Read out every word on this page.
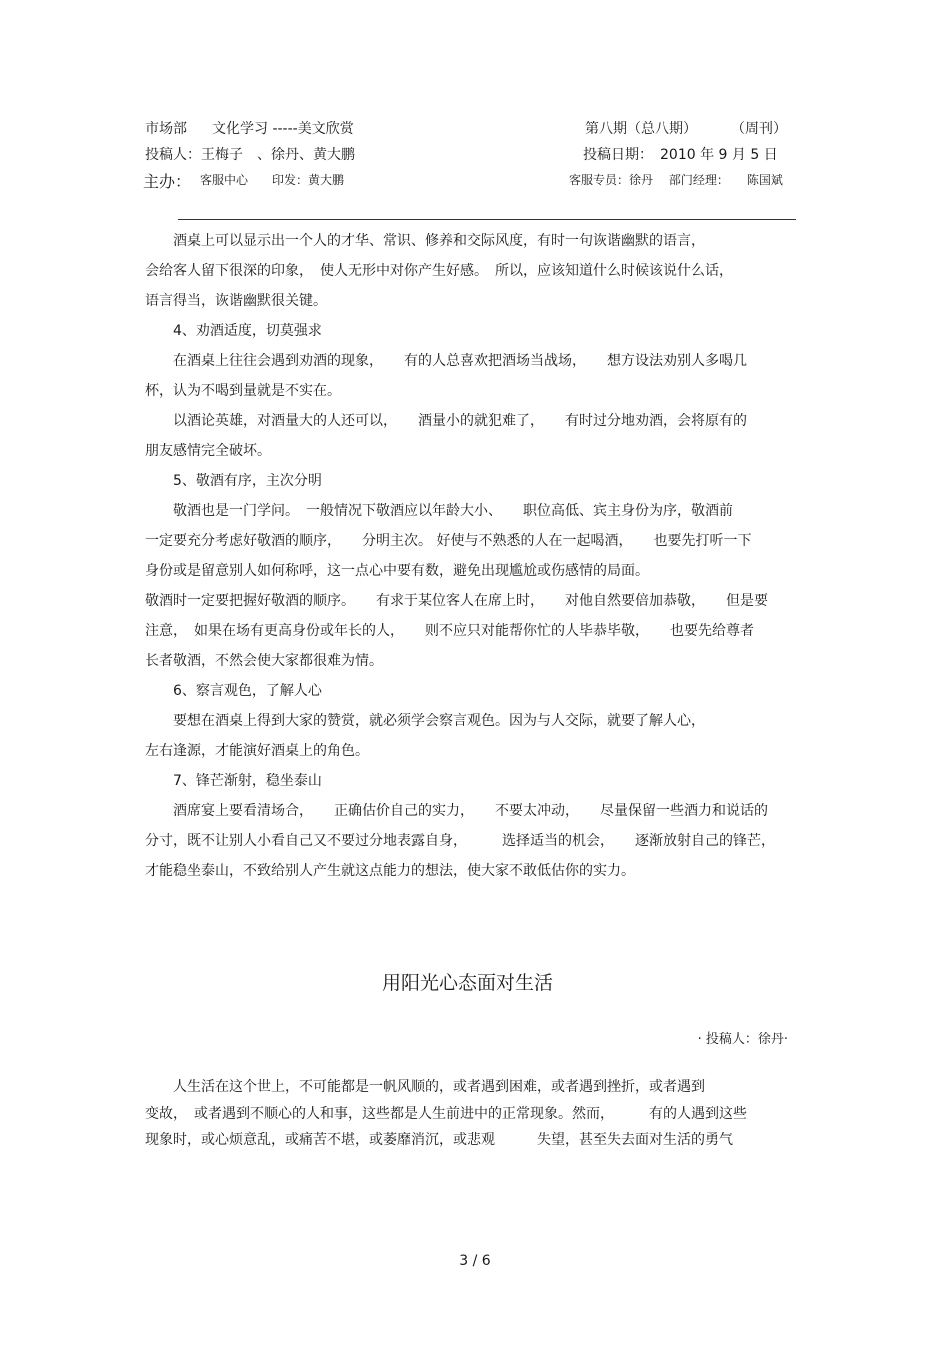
市场部 文化学习 -----美文欣赏	第八期（总八期） （周刊）
投稿人：王梅子　、徐丹、黄大鹏	投稿日期：　2010 年 9 月 5 日
主办： 客服中心　　印发：黄大鹏	客服专员：徐丹　 部门经理：　　陈国斌
　　酒桌上可以显示出一个人的才华、常识、修养和交际风度，有时一句诙谐幽默的语言，
会给客人留下很深的印象，　使人无形中对你产生好感。　所以，应该知道什么时候该说什么话，
语言得当，诙谐幽默很关键。
　　4、劝酒适度，切莫强求
　　在酒桌上往往会遇到劝酒的现象，　　有的人总喜欢把酒场当战场，　　想方设法劝别人多喝几
杯，认为不喝到量就是不实在。
　　以酒论英雄，对酒量大的人还可以，　　酒量小的就犯难了，　　有时过分地劝酒，会将原有的
朋友感情完全破坏。
　　5、敬酒有序，主次分明
　　敬酒也是一门学问。　一般情况下敬酒应以年龄大小、　　职位高低、宾主身份为序，敬酒前
一定要充分考虑好敬酒的顺序，　　分明主次。 好使与不熟悉的人在一起喝酒，　　也要先打听一下
身份或是留意别人如何称呼，这一点心中要有数，避免出现尴尬或伤感情的局面。
敬酒时一定要把握好敬酒的顺序。　　有求于某位客人在席上时，　　对他自然要倍加恭敬，　　但是要
注意，　如果在场有更高身份或年长的人，　　则不应只对能帮你忙的人毕恭毕敬，　　也要先给尊者
长者敬酒，不然会使大家都很难为情。
　　6、察言观色，了解人心
　　要想在酒桌上得到大家的赞赏，就必须学会察言观色。因为与人交际，就要了解人心，
左右逢源，才能演好酒桌上的角色。
　　7、锋芒渐射，稳坐泰山
　　酒席宴上要看清场合，　　正确估价自己的实力，　　不要太冲动，　　尽量保留一些酒力和说话的
分寸，既不让别人小看自己又不要过分地表露自身，　　　选择适当的机会，　　逐渐放射自己的锋芒，
才能稳坐泰山，不致给别人产生就这点能力的想法，使大家不敢低估你的实力。
用阳光心态面对生活
· 投稿人：徐丹·
　　人生活在这个世上，不可能都是一帆风顺的，或者遇到困难，或者遇到挫折，或者遇到
变故，　或者遇到不顺心的人和事，这些都是人生前进中的正常现象。然而，　　　有的人遇到这些
现象时，或心烦意乱，或痛苦不堪，或萎靡消沉，或悲观　　　失望，甚至失去面对生活的勇气
3 / 6
